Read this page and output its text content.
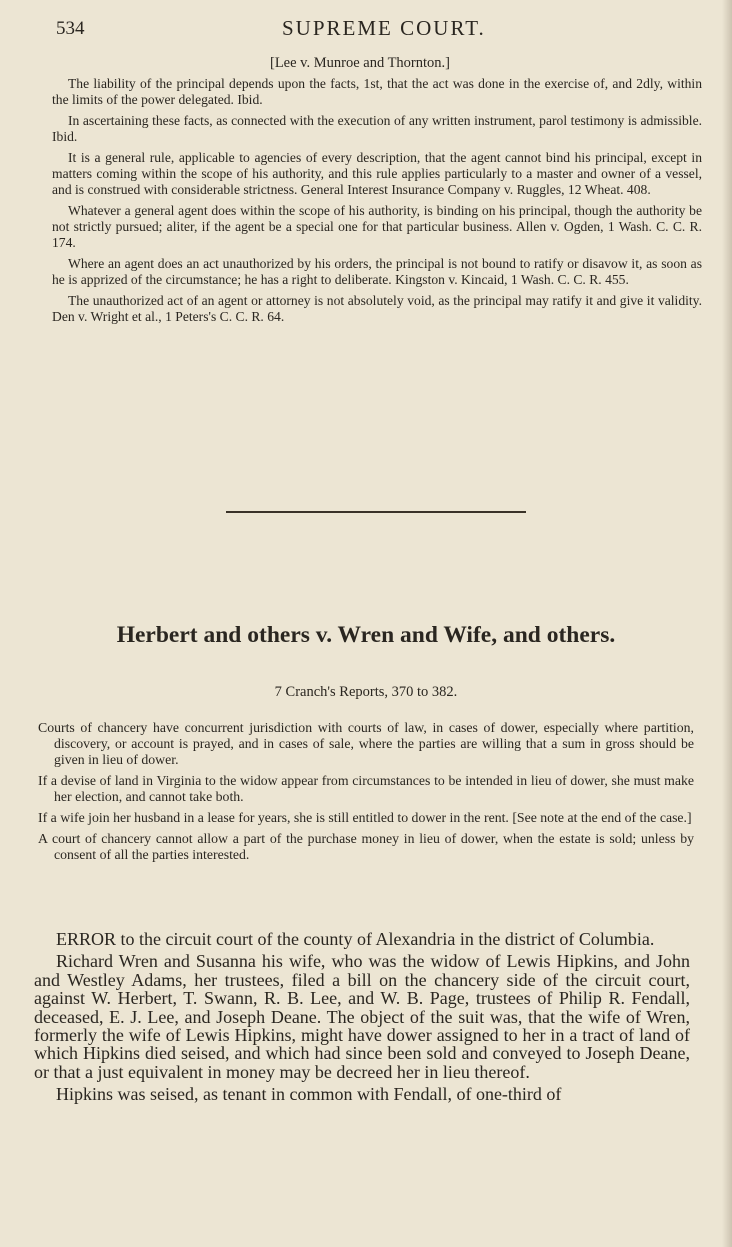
534	SUPREME COURT.
[Lee v. Munroe and Thornton.]

The liability of the principal depends upon the facts, 1st, that the act was done in the exercise of, and 2dly, within the limits of the power delegated. Ibid.

In ascertaining these facts, as connected with the execution of any written instrument, parol testimony is admissible. Ibid.

It is a general rule, applicable to agencies of every description, that the agent cannot bind his principal, except in matters coming within the scope of his authority, and this rule applies particularly to a master and owner of a vessel, and is construed with considerable strictness. General Interest Insurance Company v. Ruggles, 12 Wheat. 408.

Whatever a general agent does within the scope of his authority, is binding on his principal, though the authority be not strictly pursued; aliter, if the agent be a special one for that particular business. Allen v. Ogden, 1 Wash. C. C. R. 174.

Where an agent does an act unauthorized by his orders, the principal is not bound to ratify or disavow it, as soon as he is apprized of the circumstance; he has a right to deliberate. Kingston v. Kincaid, 1 Wash. C. C. R. 455.

The unauthorized act of an agent or attorney is not absolutely void, as the principal may ratify it and give it validity. Den v. Wright et al., 1 Peters's C. C. R. 64.

Herbert and others v. Wren and Wife, and others.
7 Cranch's Reports, 370 to 382.

Courts of chancery have concurrent jurisdiction with courts of law, in cases of dower, especially where partition, discovery, or account is prayed, and in cases of sale, where the parties are willing that a sum in gross should be given in lieu of dower.

If a devise of land in Virginia to the widow appear from circumstances to be intended in lieu of dower, she must make her election, and cannot take both.

If a wife join her husband in a lease for years, she is still entitled to dower in the rent. [See note at the end of the case.]

A court of chancery cannot allow a part of the purchase money in lieu of dower, when the estate is sold; unless by consent of all the parties interested.

ERROR to the circuit court of the county of Alexandria in the district of Columbia.

Richard Wren and Susanna his wife, who was the widow of Lewis Hipkins, and John and Westley Adams, her trustees, filed a bill on the chancery side of the circuit court, against W. Herbert, T. Swann, R. B. Lee, and W. B. Page, trustees of Philip R. Fendall, deceased, E. J. Lee, and Joseph Deane. The object of the suit was, that the wife of Wren, formerly the wife of Lewis Hipkins, might have dower assigned to her in a tract of land of which Hipkins died seised, and which had since been sold and conveyed to Joseph Deane, or that a just equivalent in money may be decreed her in lieu thereof.

Hipkins was seised, as tenant in common with Fendall, of one-third of
